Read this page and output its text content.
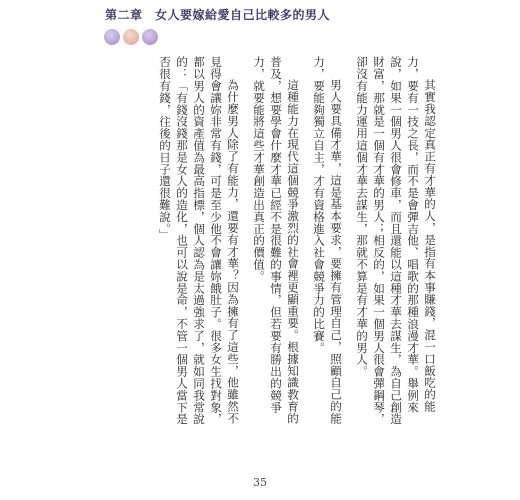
第二章　女人要嫁給愛自己比較多的男人

其實我認定真正有才華的人，是指有本事賺錢，混一口飯吃的能力，要有一技之長，而不是會彈吉他、唱歌的那種浪漫才華。舉例來說，如果一個男人很會修車，而且還能以這種才華去謀生，為自己創造財富，那就是一個有才華的男人；相反的，如果一個男人很會彈鋼琴，卻沒有能力運用這個才華去謀生，那就不算是有才華的男人。

男人要具備才華，這是基本要求，要擁有管理自己，照顧自己的能力，要能夠獨立自主，才有資格進入社會競爭力的比賽。

這種能力在現代這個競爭激烈的社會裡更顯重要。根據知識教育的普及，想要學會什麼才華已經不是很難的事情，但若要有勝出的競爭力，就要能將這些才華創造出真正的價值。

為什麼男人除了有能力，還要有才華？因為擁有了這些，他雖然不見得會讓妳非常有錢，可是至少他不會讓妳餓肚子。很多女生找對象，都以男人的資產值為最高指標，個人認為是太過強求了，就如同我常說的：「有錢沒錢那是女人的造化，也可以說是命，不管一個男人當下是否很有錢，往後的日子還很難說。」

35
